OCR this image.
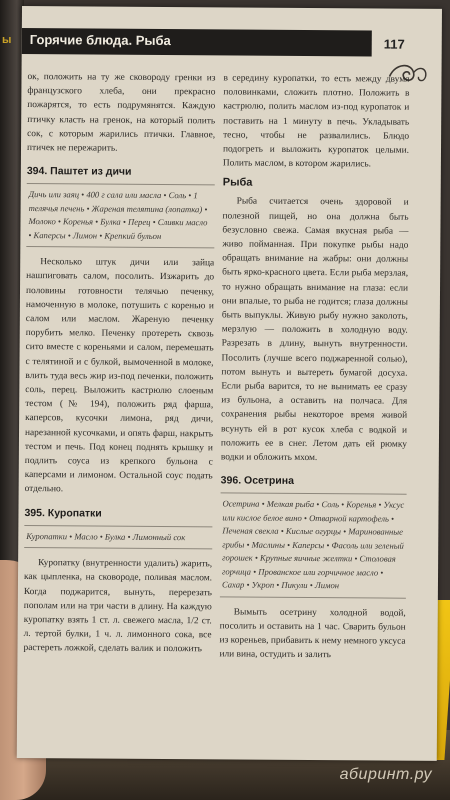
ы Горячие блюда. Рыба	117

ок, положить на ту же сковороду гренки из французского хлеба, они прекрасно пожарятся, то есть подрумянятся. Каждую птичку класть на гренок, на который полить сок, с которым жарились птички. Главное, птичек не пережарить.

394. Паштет из дичи
Дичь или заяц • 400 г сала или масла • Соль • 1 телячья печень • Жареная телятина (лопатка) • Молоко • Коренья • Булка • Перец • Сливки масло • Каперсы • Лимон • Крепкий бульон

Несколько штук дичи или зайца нашпиговать салом, посолить. Изжарить до половины готовности телячью печенку, намоченную в молоке, потушить с коренью и салом или маслом. Жареную печенку порубить мелко. Печенку протереть сквозь сито вместе с кореньями и салом, перемешать с телятиной и с булкой, вымоченной в молоке, влить туда весь жир из-под печенки, положить соль, перец. Выложить кастрюлю слоеным тестом (№ 194), положить ряд фарша, каперсов, кусочки лимона, ряд дичи, нарезанной кусочками, и опять фарш, накрыть тестом и печь. Под конец поднять крышку и подлить соуса из крепкого бульона с каперсами и лимоном. Остальной соус подать отдельно.

395. Куропатки
Куропатки • Масло • Булка • Лимонный сок

Куропатку (внутренности удалить) жарить, как цыпленка, на сковороде, поливая маслом. Когда поджарится, вынуть, перерезать пополам или на три части в длину. На каждую куропатку взять 1 ст. л. свежего масла, 1/2 ст. л. тертой булки, 1 ч. л. лимонного сока, все растереть ложкой, сделать валик и положить

в середину куропатки, то есть между двумя половинками, сложить плотно. Положить в кастрюлю, полить маслом из-под куропаток и поставить на 1 минуту в печь. Укладывать тесно, чтобы не развалились. Блюдо подогреть и выложить куропаток целыми. Полить маслом, в котором жарились.

Рыба

Рыба считается очень здоровой и полезной пищей, но она должна быть безусловно свежа. Самая вкусная рыба — живо пойманная. При покупке рыбы надо обращать внимание на жабры: они должны быть ярко-красного цвета. Если рыба мерзлая, то нужно обращать внимание на глаза: если они впалые, то рыба не годится; глаза должны быть выпуклы. Живую рыбу нужно заколоть, мерзлую — положить в холодную воду. Разрезать в длину, вынуть внутренности. Посолить (лучше всего поджаренной солью), потом вынуть и вытереть бумагой досуха. Если рыба варится, то не вынимать ее сразу из бульона, а оставить на полчаса. Для сохранения рыбы некоторое время живой всунуть ей в рот кусок хлеба с водкой и положить ее в снег. Летом дать ей рюмку водки и обложить мхом.

396. Осетрина
Осетрина • Мелкая рыба • Соль • Коренья • Уксус или кислое белое вино • Отварной картофель • Печеная свекла • Кислые огурцы • Маринованные грибы • Маслины • Каперсы • Фасоль или зеленый горошек • Крупные яичные желтки • Столовая горчица • Прованское или горчичное масло • Сахар • Укроп • Пикули • Лимон

Вымыть осетрину холодной водой, посолить и оставить на 1 час. Сварить бульон из кореньев, прибавить к нему немного уксуса или вина, остудить и залить

абиринт.ру
